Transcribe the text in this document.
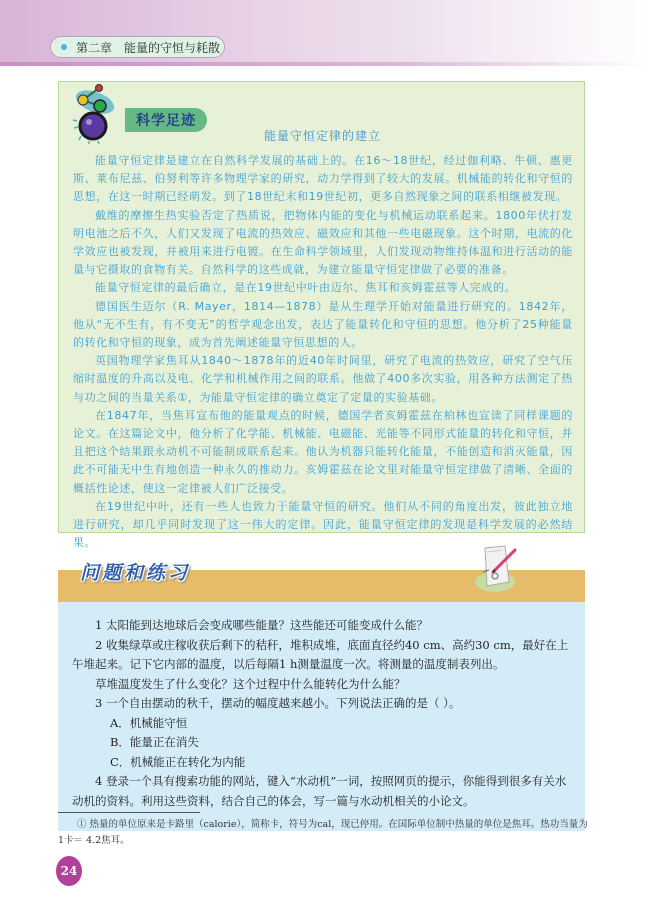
第二章 能量的守恒与耗散
科学足迹
能量守恒定律的建立

能量守恒定律是建立在自然科学发展的基础上的。在16～18世纪，经过伽利略、牛顿、惠更斯、莱布尼兹、伯努利等许多物理学家的研究，动力学得到了较大的发展。机械能的转化和守恒的思想，在这一时期已经萌发。到了18世纪末和19世纪初，更多自然现象之间的联系相继被发现。

戴维的摩擦生热实验否定了热质说，把物体内能的变化与机械运动联系起来。1800年伏打发明电池之后不久，人们又发现了电流的热效应、磁效应和其他一些电磁现象。这个时期，电流的化学效应也被发现，并被用来进行电镀。在生命科学领域里，人们发现动物维持体温和进行活动的能量与它摄取的食物有关。自然科学的这些成就，为建立能量守恒定律做了必要的准备。

能量守恒定律的最后确立，是在19世纪中叶由迈尔、焦耳和亥姆霍兹等人完成的。

德国医生迈尔（R. Mayer，1814—1878）是从生理学开始对能量进行研究的。1842年，他从“无不生有，有不变无”的哲学观念出发，表达了能量转化和守恒的思想。他分析了25种能量的转化和守恒的现象，成为首先阐述能量守恒思想的人。

英国物理学家焦耳从1840～1878年的近40年时间里，研究了电流的热效应，研究了空气压缩时温度的升高以及电、化学和机械作用之间的联系。他做了400多次实验，用各种方法测定了热与功之间的当量关系①，为能量守恒定律的确立奠定了定量的实验基础。

在1847年，当焦耳宣布他的能量观点的时候，德国学者亥姆霍兹在柏林也宣读了同样课题的论文。在这篇论文中，他分析了化学能、机械能、电磁能、光能等不同形式能量的转化和守恒，并且把这个结果跟永动机不可能制成联系起来。他认为机器只能转化能量，不能创造和消灭能量，因此不可能无中生有地创造一种永久的推动力。亥姆霍兹在论文里对能量守恒定律做了清晰、全面的概括性论述，使这一定律被人们广泛接受。

在19世纪中叶，还有一些人也致力于能量守恒的研究。他们从不同的角度出发，彼此独立地进行研究，却几乎同时发现了这一伟大的定律。因此，能量守恒定律的发现是科学发展的必然结果。

问题和练习

1 太阳能到达地球后会变成哪些能量？这些能还可能变成什么能？

2 收集绿草或庄稼收获后剩下的秸秆，堆积成堆，底面直径约40 cm、高约30 cm，最好在上午堆起来。记下它内部的温度，以后每隔1 h测量温度一次。将测量的温度制表列出。

草堆温度发生了什么变化？这个过程中什么能转化为什么能？

3 一个自由摆动的秋千，摆动的幅度越来越小。下列说法正确的是（ ）。

A．机械能守恒

B．能量正在消失

C．机械能正在转化为内能

4 登录一个具有搜索功能的网站，键入“水动机”一词，按照网页的提示，你能得到很多有关水动机的资料。利用这些资料，结合自己的体会，写一篇与水动机相关的小论文。

① 热量的单位原来是卡路里（calorie），简称卡，符号为cal，现已停用。在国际单位制中热量的单位是焦耳。热功当量为1卡＝ 4.2焦耳。

24
